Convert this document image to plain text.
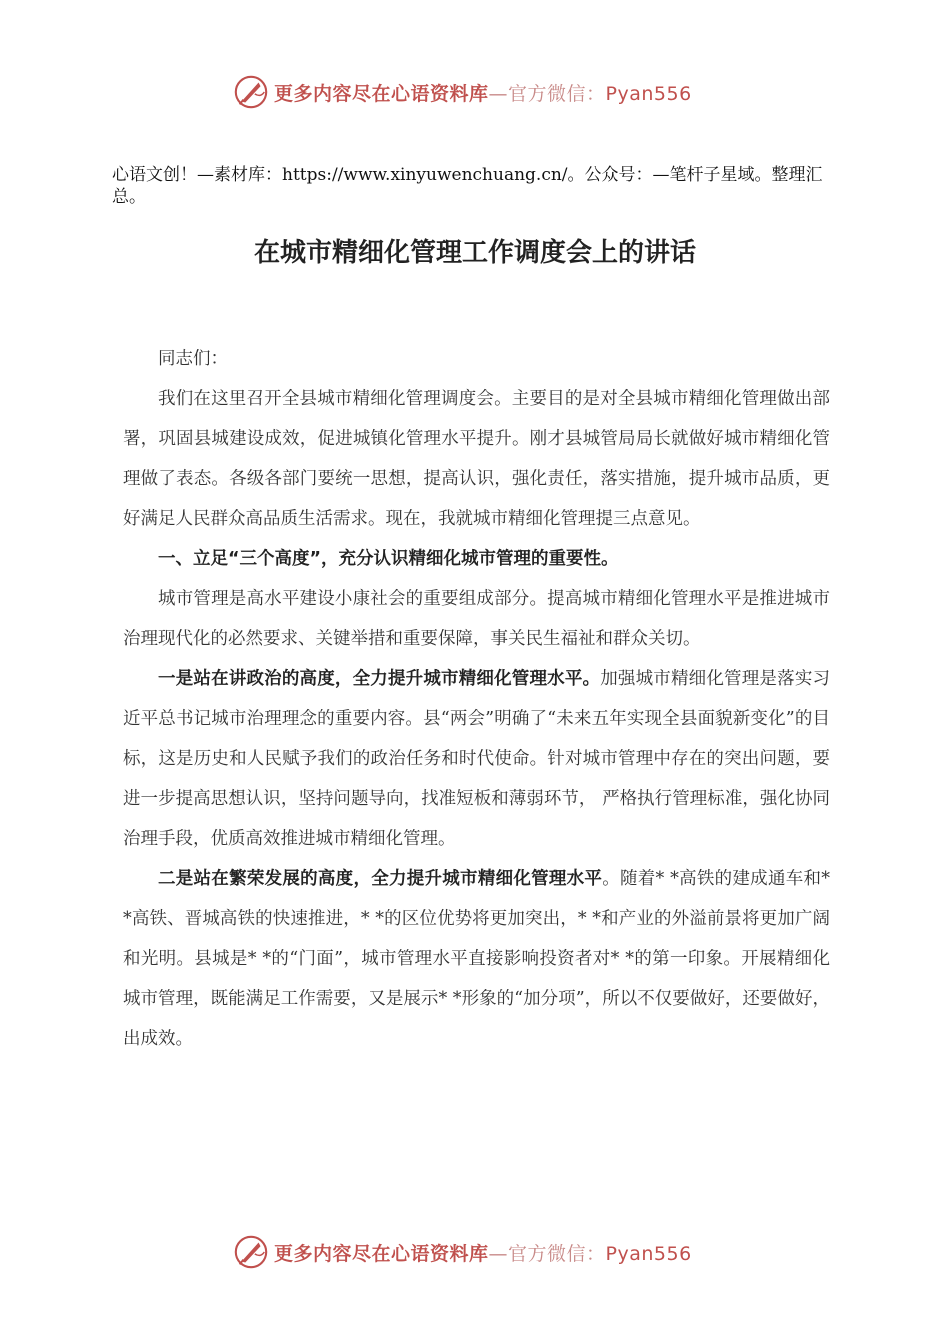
更多内容尽在心语资料库—官方微信：Pyan556
心语文创！—素材库：https://www.xinyuwenchuang.cn/。公众号：—笔杆子星域。整理汇总。
在城市精细化管理工作调度会上的讲话

同志们：

我们在这里召开全县城市精细化管理调度会。主要目的是对全县城市精细化管理做出部署，巩固县城建设成效，促进城镇化管理水平提升。刚才县城管局局长就做好城市精细化管理做了表态。各级各部门要统一思想，提高认识，强化责任，落实措施，提升城市品质，更好满足人民群众高品质生活需求。现在，我就城市精细化管理提三点意见。

一、立足“三个高度”，充分认识精细化城市管理的重要性。

城市管理是高水平建设小康社会的重要组成部分。提高城市精细化管理水平是推进城市治理现代化的必然要求、关键举措和重要保障，事关民生福祉和群众关切。

一是站在讲政治的高度，全力提升城市精细化管理水平。加强城市精细化管理是落实习近平总书记城市治理理念的重要内容。县“两会”明确了“未来五年实现全县面貌新变化”的目标，这是历史和人民赋予我们的政治任务和时代使命。针对城市管理中存在的突出问题，要进一步提高思想认识，坚持问题导向，找准短板和薄弱环节， 严格执行管理标准，强化协同治理手段，优质高效推进城市精细化管理。

二是站在繁荣发展的高度，全力提升城市精细化管理水平。随着* *高铁的建成通车和* *高铁、晋城高铁的快速推进，* *的区位优势将更加突出，* *和产业的外溢前景将更加广阔和光明。县城是* *的“门面”，城市管理水平直接影响投资者对* *的第一印象。开展精细化城市管理，既能满足工作需要，又是展示* *形象的“加分项”，所以不仅要做好，还要做好，出成效。

更多内容尽在心语资料库—官方微信：Pyan556
